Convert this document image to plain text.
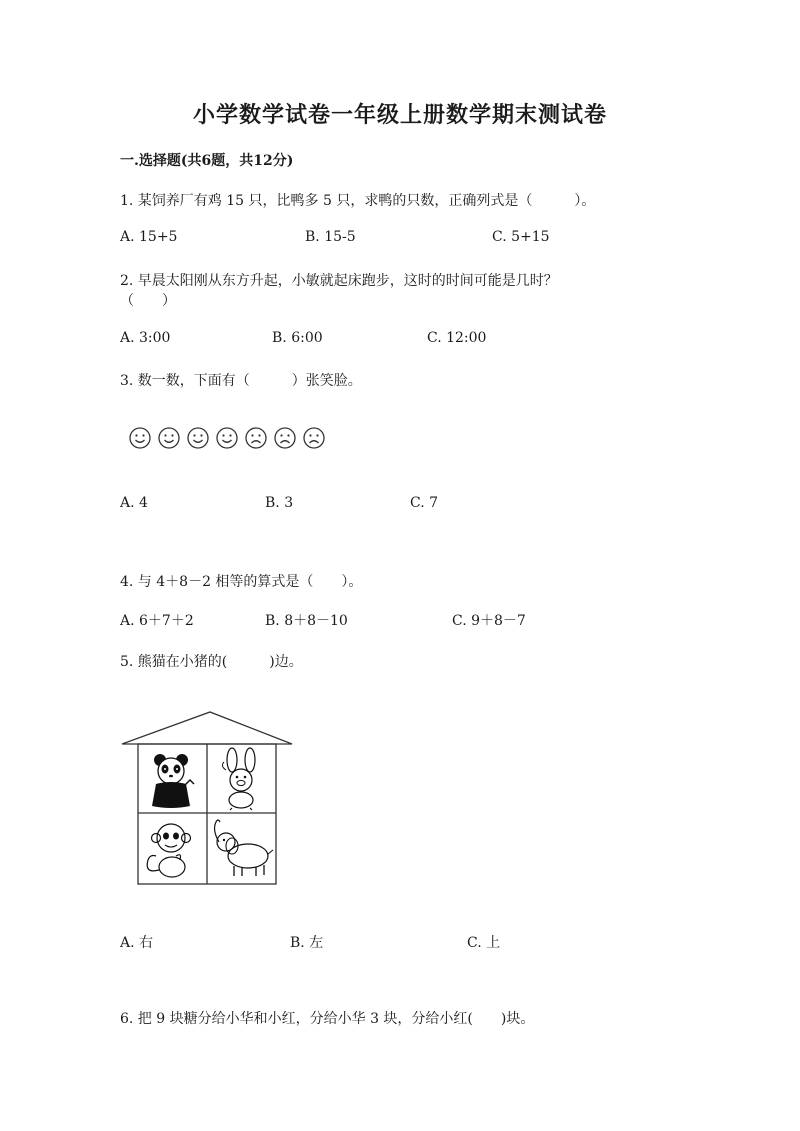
小学数学试卷一年级上册数学期末测试卷
一.选择题(共6题，共12分)
1. 某饲养厂有鸡 15 只，比鸭多 5 只，求鸭的只数，正确列式是（　　　）。
A. 15+5	B. 15-5	C. 5+15
2. 早晨太阳刚从东方升起，小敏就起床跑步，这时的时间可能是几时？
（　　）
A. 3:00	B. 6:00	C. 12:00
3. 数一数，下面有（　　　）张笑脸。
A. 4	B. 3	C. 7
4. 与 4＋8－2 相等的算式是（　　）。
A. 6＋7＋2	B. 8＋8－10	C. 9＋8－7
5. 熊猫在小猪的(　　　)边。
A. 右	B. 左	C. 上
6. 把 9 块糖分给小华和小红，分给小华 3 块，分给小红(　　)块。
